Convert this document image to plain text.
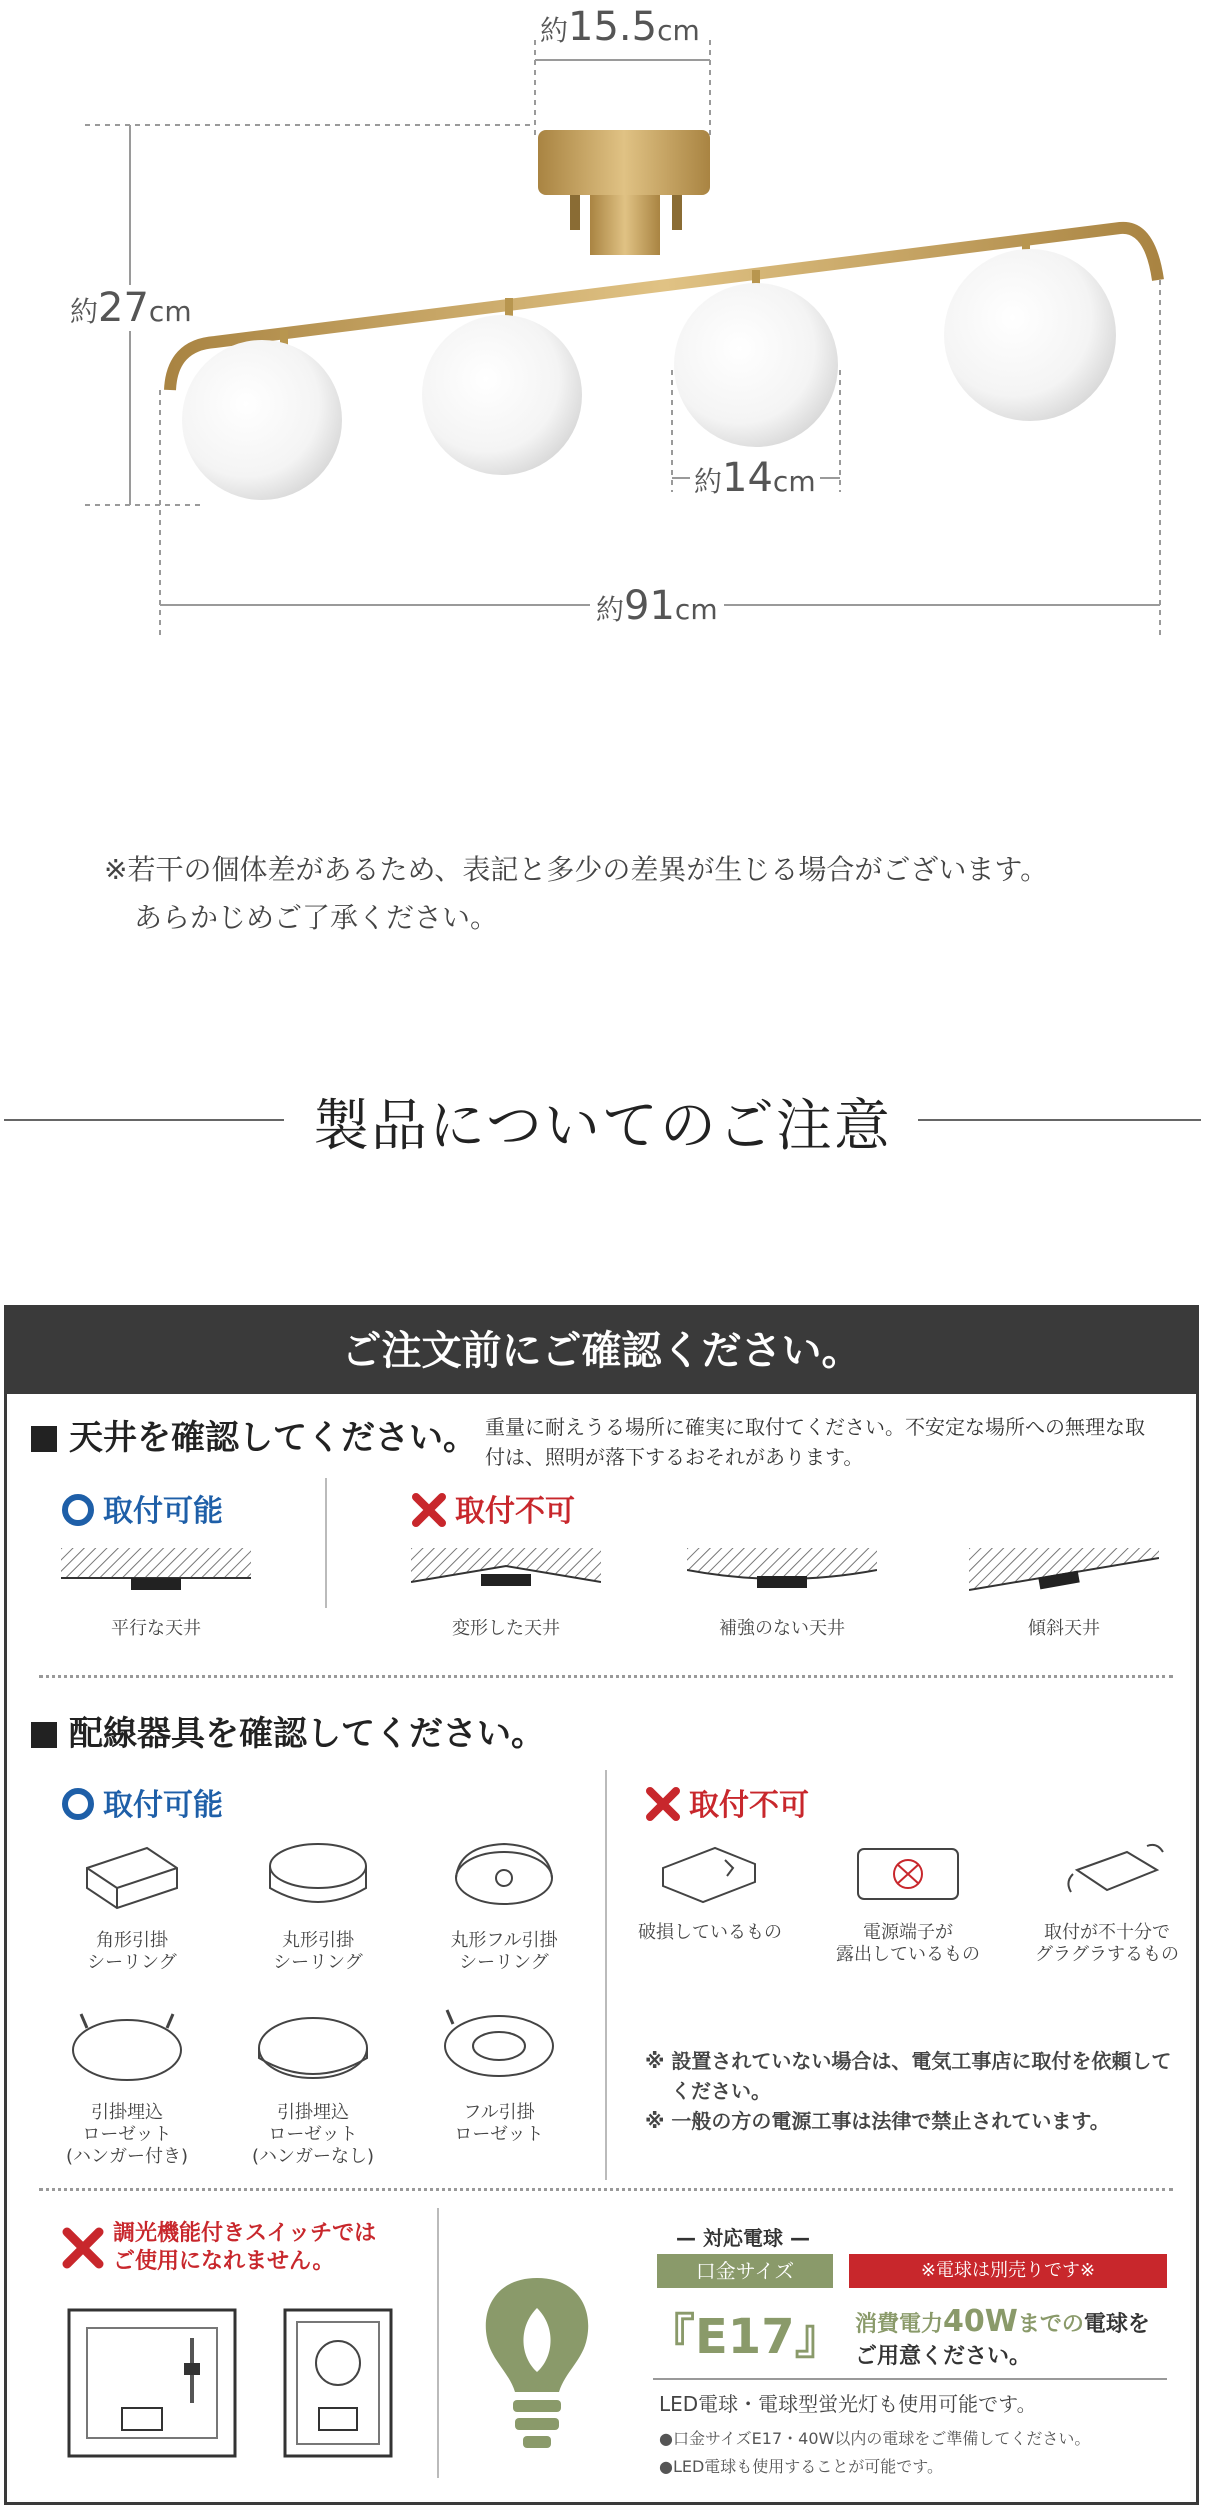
約15.5cm
約27cm
約14cm
約91cm
※若干の個体差があるため、表記と多少の差異が生じる場合がございます。
あらかじめご了承ください。
製品についてのご注意
ご注文前にご確認ください。
天井を確認してください。 重量に耐えうる場所に確実に取付てください。不安定な場所への無理な取
付は、照明が落下するおそれがあります。
取付可能	取付不可
平行な天井	変形した天井	補強のない天井	傾斜天井
配線器具を確認してください。
取付可能	取付不可
角形引掛
シーリング
丸形引掛
シーリング
丸形フル引掛
シーリング
引掛埋込
ローゼット
(ハンガー付き)
引掛埋込
ローゼット
(ハンガーなし)
フル引掛
ローゼット
破損しているもの	電源端子が
露出しているもの
取付が不十分で
グラグラするもの
※ 設置されていない場合は、電気工事店に取付を依頼して
ください。
※ 一般の方の電源工事は法律で禁止されています。
調光機能付きスイッチでは
ご使用になれません。
— 対応電球 —
口金サイズ	※電球は別売りです※
『E17』 消費電力40Wまでの電球を
ご用意ください。
LED電球・電球型蛍光灯も使用可能です。
●口金サイズE17・40W以内の電球をご準備してください。
●LED電球も使用することが可能です。
